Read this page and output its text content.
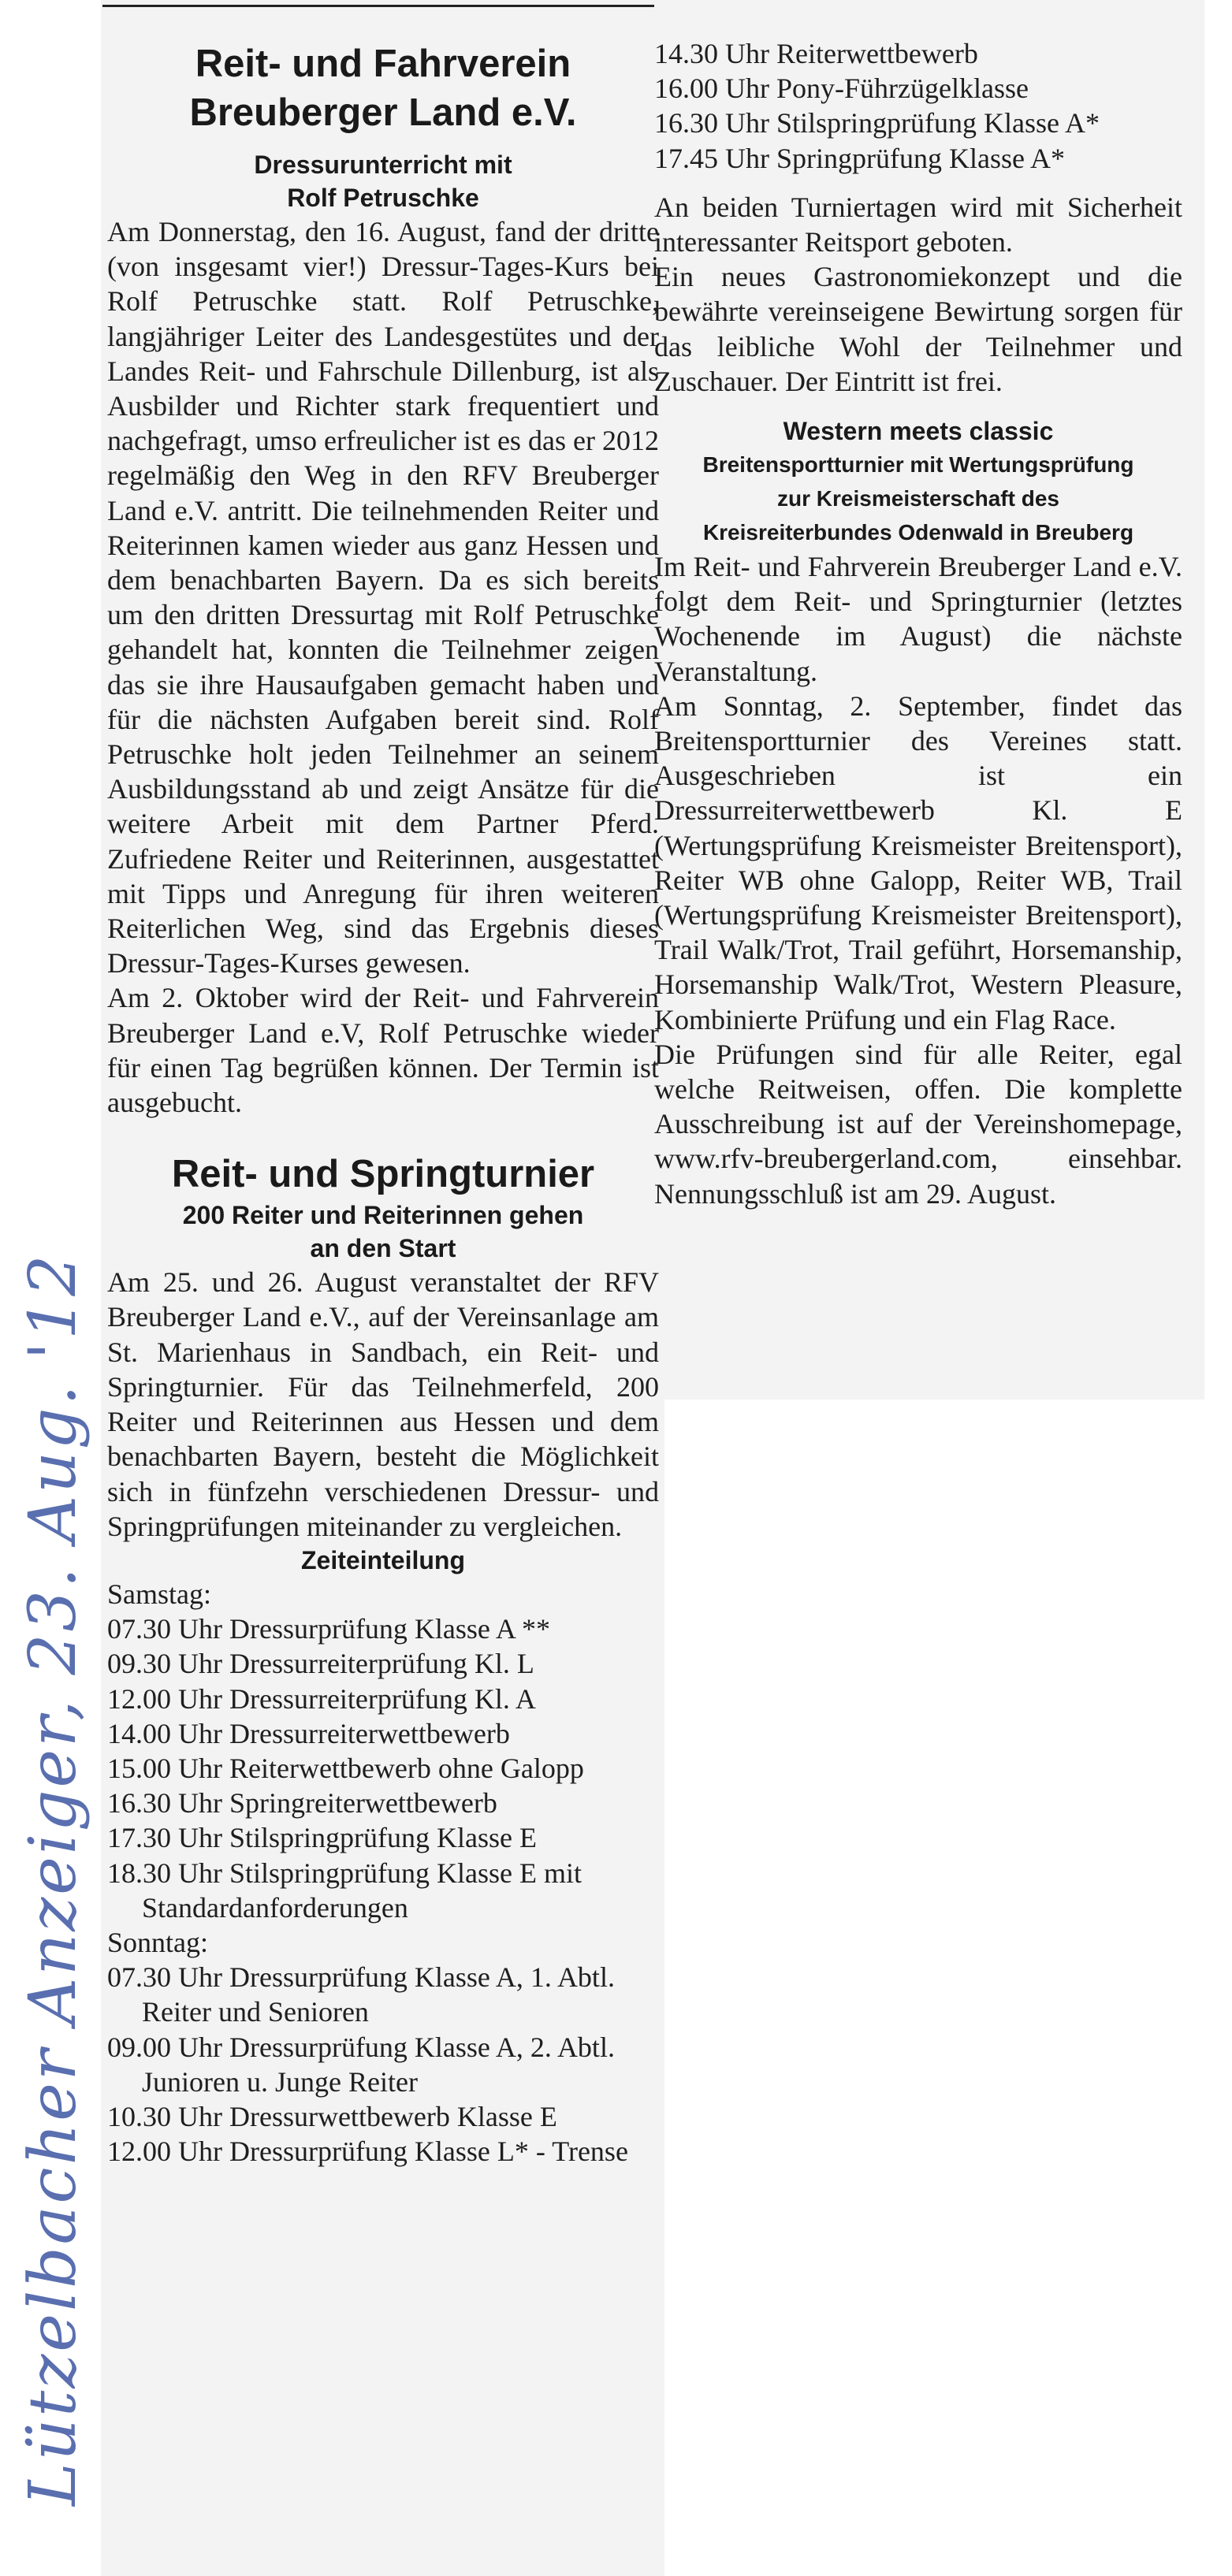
Lützelbacher Anzeiger, 23. Aug. '12
Reit- und Fahrverein
Breuberger Land e.V.
Dressurunterricht mit
Rolf Petruschke

Am Donnerstag, den 16. August, fand der dritte (von insgesamt vier!) Dressur-Tages-Kurs bei Rolf Petruschke statt. Rolf Petruschke, langjähriger Leiter des Landesgestütes und der Landes Reit- und Fahrschule Dillenburg, ist als Ausbilder und Richter stark frequentiert und nachgefragt, umso erfreulicher ist es das er 2012 regelmäßig den Weg in den RFV Breuberger Land e.V. antritt. Die teilnehmenden Reiter und Reiterinnen kamen wieder aus ganz Hessen und dem benachbarten Bayern. Da es sich bereits um den dritten Dressurtag mit Rolf Petruschke gehandelt hat, konnten die Teilnehmer zeigen das sie ihre Hausaufgaben gemacht haben und für die nächsten Aufgaben bereit sind. Rolf Petruschke holt jeden Teilnehmer an seinem Ausbildungsstand ab und zeigt Ansätze für die weitere Arbeit mit dem Partner Pferd. Zufriedene Reiter und Reiterinnen, ausgestattet mit Tipps und Anregung für ihren weiteren Reiterlichen Weg, sind das Ergebnis dieses Dressur-Tages-Kurses gewesen.

Am 2. Oktober wird der Reit- und Fahrverein Breuberger Land e.V, Rolf Petruschke wieder für einen Tag begrüßen können. Der Termin ist ausgebucht.

Reit- und Springturnier
200 Reiter und Reiterinnen gehen
an den Start

Am 25. und 26. August veranstaltet der RFV Breuberger Land e.V., auf der Vereinsanlage am St. Marienhaus in Sandbach, ein Reit- und Springturnier. Für das Teilnehmerfeld, 200 Reiter und Reiterinnen aus Hessen und dem benachbarten Bayern, besteht die Möglichkeit sich in fünfzehn verschiedenen Dressur- und Springprüfungen miteinander zu vergleichen.

Zeiteinteilung

Samstag:

07.30 Uhr Dressurprüfung Klasse A **
09.30 Uhr Dressurreiterprüfung Kl. L
12.00 Uhr Dressurreiterprüfung Kl. A
14.00 Uhr Dressurreiterwettbewerb
15.00 Uhr Reiterwettbewerb ohne Galopp
16.30 Uhr Springreiterwettbewerb
17.30 Uhr Stilspringprüfung Klasse E
18.30 Uhr Stilspringprüfung Klasse E mit Standardanforderungen

Sonntag:

07.30 Uhr Dressurprüfung Klasse A, 1. Abtl. Reiter und Senioren
09.00 Uhr Dressurprüfung Klasse A, 2. Abtl. Junioren u. Junge Reiter
10.30 Uhr Dressurwettbewerb Klasse E
12.00 Uhr Dressurprüfung Klasse L* - Trense
14.30 Uhr Reiterwettbewerb
16.00 Uhr Pony-Führzügelklasse
16.30 Uhr Stilspringprüfung Klasse A*
17.45 Uhr Springprüfung Klasse A*

An beiden Turniertagen wird mit Sicherheit interessanter Reitsport geboten.

Ein neues Gastronomiekonzept und die bewährte vereinseigene Bewirtung sorgen für das leibliche Wohl der Teilnehmer und Zuschauer. Der Eintritt ist frei.

Western meets classic
Breitensportturnier mit Wertungsprüfung
zur Kreismeisterschaft des
Kreisreiterbundes Odenwald in Breuberg

Im Reit- und Fahrverein Breuberger Land e.V. folgt dem Reit- und Springturnier (letztes Wochenende im August) die nächste Veranstaltung.

Am Sonntag, 2. September, findet das Breitensportturnier des Vereines statt. Ausgeschrieben ist ein Dressurreiterwettbewerb Kl. E (Wertungsprüfung Kreismeister Breitensport), Reiter WB ohne Galopp, Reiter WB, Trail (Wertungsprüfung Kreismeister Breitensport), Trail Walk/Trot, Trail geführt, Horsemanship, Horsemanship Walk/Trot, Western Pleasure, Kombinierte Prüfung und ein Flag Race.

Die Prüfungen sind für alle Reiter, egal welche Reitweisen, offen. Die komplette Ausschreibung ist auf der Vereinshomepage, www.rfv-breubergerland.com, einsehbar. Nennungsschluß ist am 29. August.
